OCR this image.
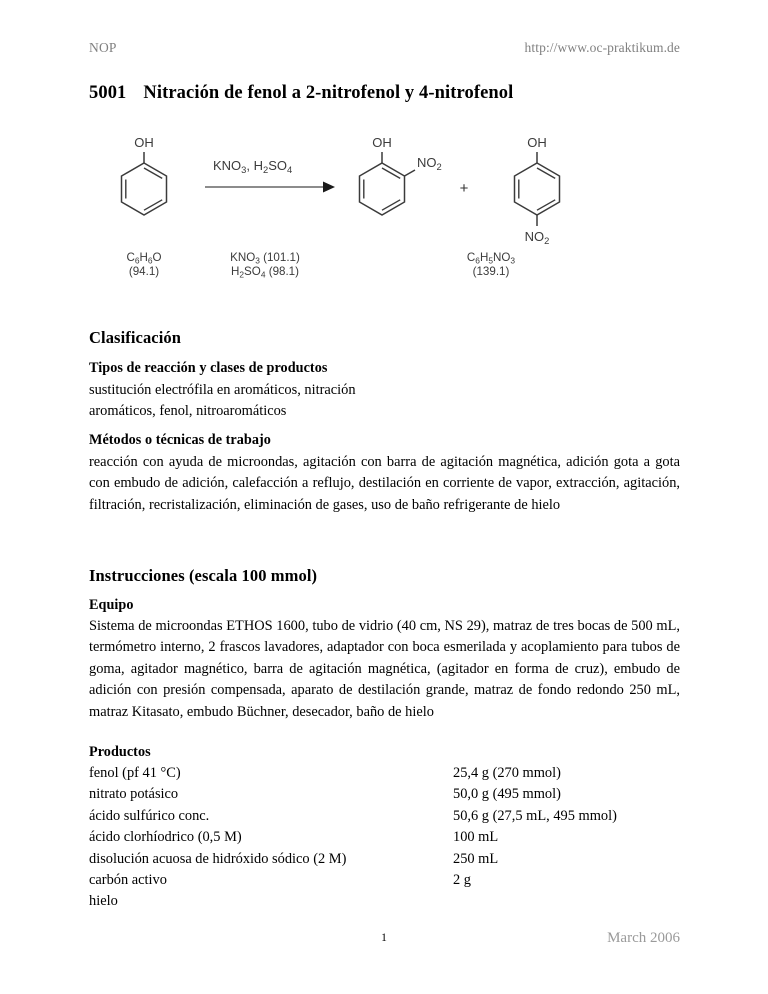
NOP	http://www.oc-praktikum.de
5001 Nitración de fenol a 2-nitrofenol y 4-nitrofenol
OH
$KNO_3$, $H_2SO_4$
OH
$NO_2$
+
OH
$NO_2$
$C_6H_6O$
(94.1)
$KNO_3$ (101.1)
$H_2SO_4$ (98.1)
$C_6H_5NO_3$
(139.1)
Clasificación
Tipos de reacción y clases de productos
sustitución electrófila en aromáticos, nitración
aromáticos, fenol, nitroaromáticos
Métodos o técnicas de trabajo
reacción con ayuda de microondas, agitación con barra de agitación magnética, adición gota a gota con embudo de adición, calefacción a reflujo, destilación en corriente de vapor, extracción, agitación, filtración, recristalización, eliminación de gases, uso de baño refrigerante de hielo
Instrucciones (escala 100 mmol)
Equipo
Sistema de microondas ETHOS 1600, tubo de vidrio (40 cm, NS 29), matraz de tres bocas de 500 mL, termómetro interno, 2 frascos lavadores, adaptador con boca esmerilada y acoplamiento para tubos de goma, agitador magnético, barra de agitación magnética, (agitador en forma de cruz), embudo de adición con presión compensada, aparato de destilación grande, matraz de fondo redondo 250 mL, matraz Kitasato, embudo Büchner, desecador, baño de hielo
Productos
fenol (pf 41 °C)	25,4 g (270 mmol)
nitrato potásico	50,0 g (495 mmol)
ácido sulfúrico conc.	50,6 g (27,5 mL, 495 mmol)
ácido clorhíodrico (0,5 M)	100 mL
disolución acuosa de hidróxido sódico (2 M)	250 mL
carbón activo	2 g
hielo
1	March 2006
